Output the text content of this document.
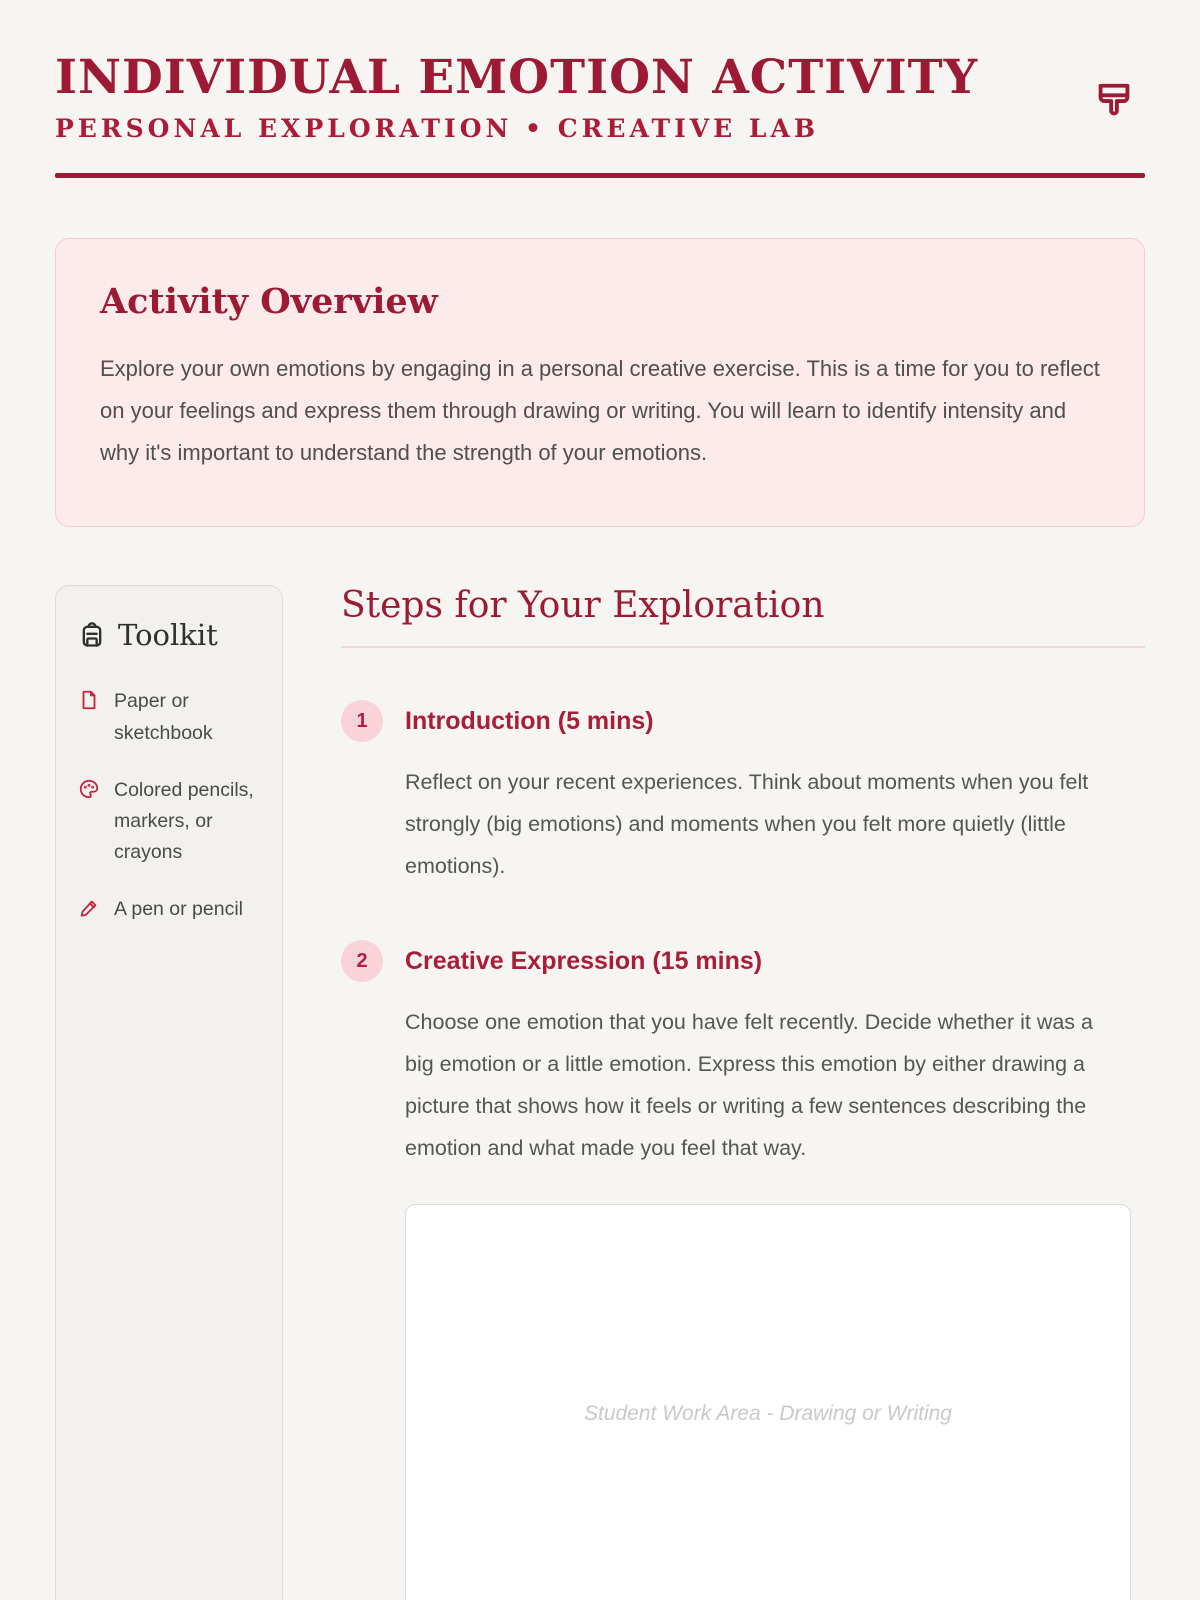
INDIVIDUAL EMOTION ACTIVITY
PERSONAL EXPLORATION • CREATIVE LAB
Activity Overview
Explore your own emotions by engaging in a personal creative exercise. This is a time for you to reflect on your feelings and express them through drawing or writing. You will learn to identify intensity and why it's important to understand the strength of your emotions.
Toolkit
Paper or sketchbook
Colored pencils, markers, or crayons
A pen or pencil
Steps for Your Exploration
1	Introduction (5 mins)
Reflect on your recent experiences. Think about moments when you felt strongly (big emotions) and moments when you felt more quietly (little emotions).
2	Creative Expression (15 mins)
Choose one emotion that you have felt recently. Decide whether it was a big emotion or a little emotion. Express this emotion by either drawing a picture that shows how it feels or writing a few sentences describing the emotion and what made you feel that way.
Student Work Area - Drawing or Writing
